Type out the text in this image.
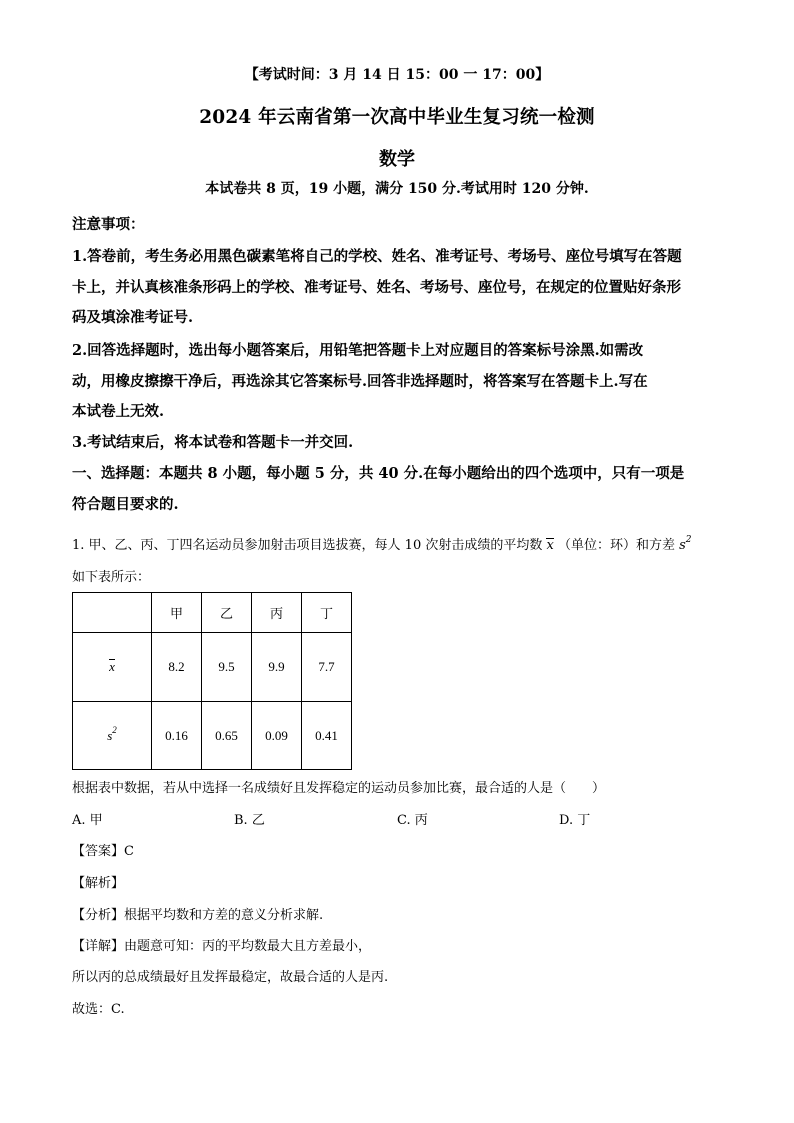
【考试时间：3 月 14 日 15：00 一 17：00】
2024 年云南省第一次高中毕业生复习统一检测
数学
本试卷共 8 页，19 小题，满分 150 分.考试用时 120 分钟.
注意事项：
1.答卷前，考生务必用黑色碳素笔将自己的学校、姓名、准考证号、考场号、座位号填写在答题
卡上，并认真核准条形码上的学校、准考证号、姓名、考场号、座位号，在规定的位置贴好条形
码及填涂准考证号.
2.回答选择题时，选出每小题答案后，用铅笔把答题卡上对应题目的答案标号涂黑.如需改
动，用橡皮擦擦干净后，再选涂其它答案标号.回答非选择题时，将答案写在答题卡上.写在
本试卷上无效.
3.考试结束后，将本试卷和答题卡一并交回.
一、选择题：本题共 8 小题，每小题 5 分，共 40 分.在每小题给出的四个选项中，只有一项是
符合题目要求的.
1. 甲、乙、丙、丁四名运动员参加射击项目选拔赛，每人 10 次射击成绩的平均数 x （单位：环）和方差 $s^2$
如下表所示：
	甲	乙	丙	丁
x	8.2	9.5	9.9	7.7
$s^2$	0.16	0.65	0.09	0.41
根据表中数据，若从中选择一名成绩好且发挥稳定的运动员参加比赛，最合适的人是（　　）
A. 甲	B. 乙	C. 丙	D. 丁
【答案】C
【解析】
【分析】根据平均数和方差的意义分析求解.
【详解】由题意可知：丙的平均数最大且方差最小，
所以丙的总成绩最好且发挥最稳定，故最合适的人是丙.
故选：C.
